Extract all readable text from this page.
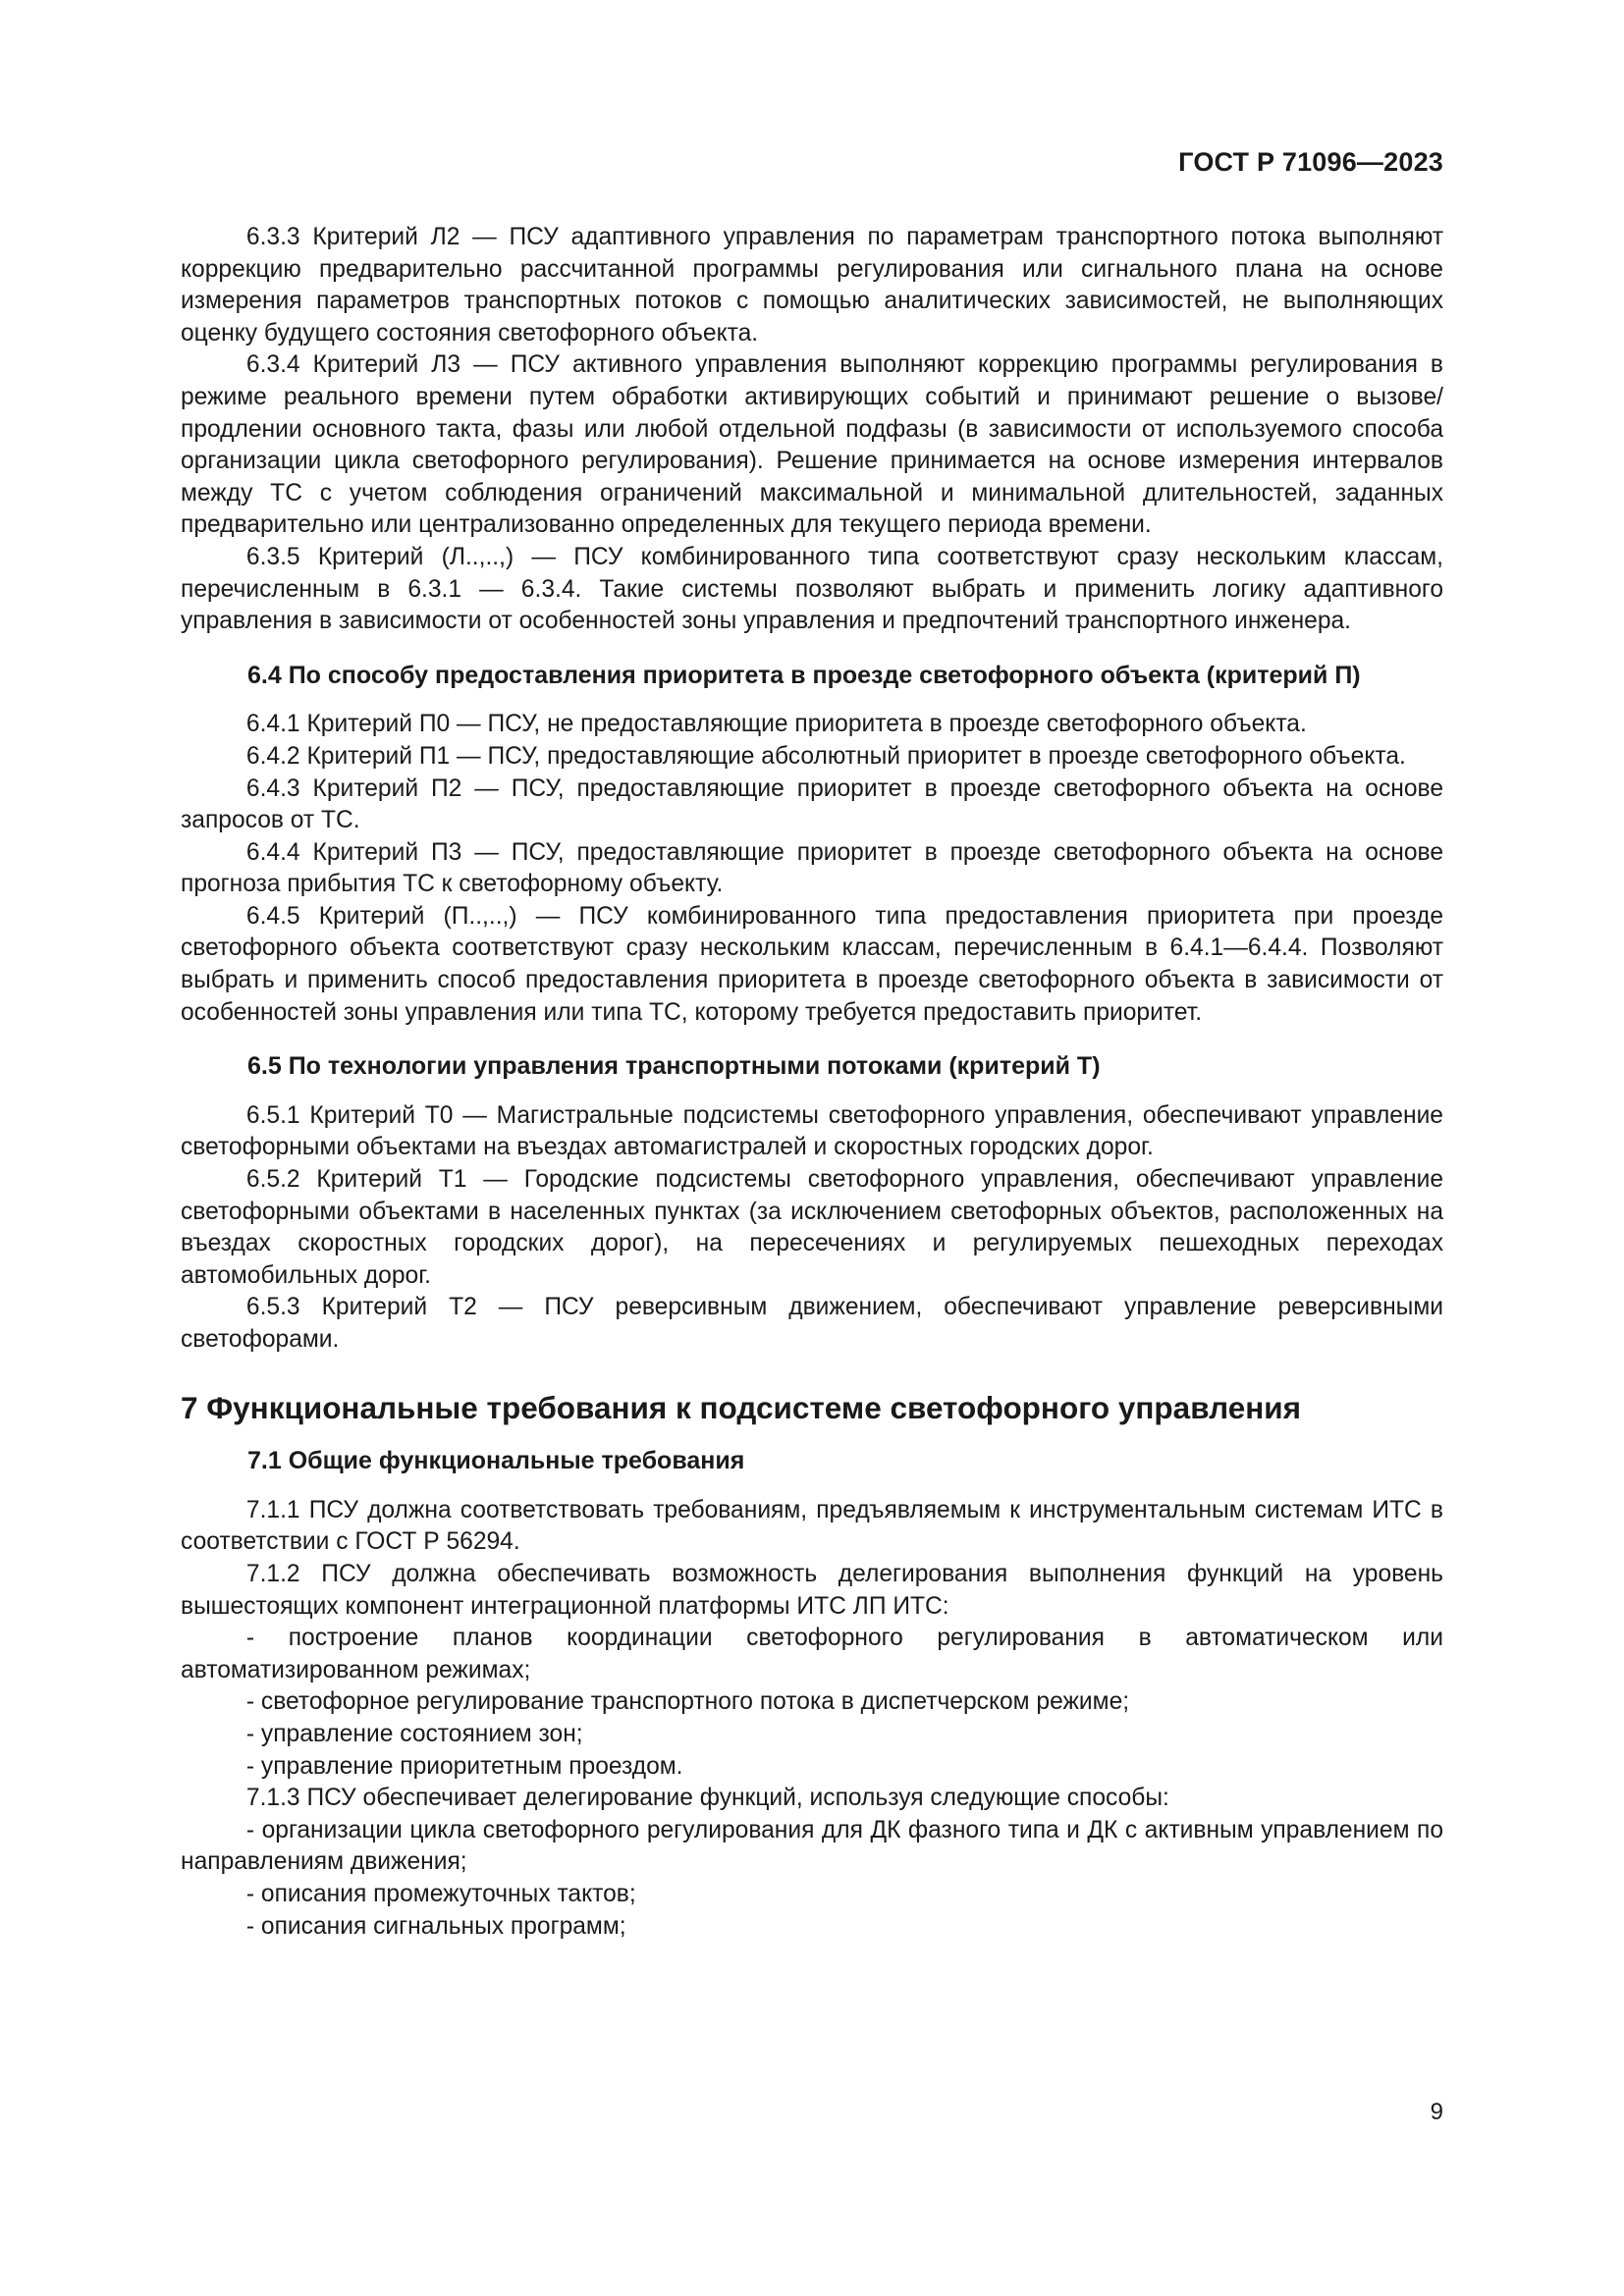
ГОСТ Р 71096—2023

6.3.3 Критерий Л2 — ПСУ адаптивного управления по параметрам транспортного потока выполняют коррекцию предварительно рассчитанной программы регулирования или сигнального плана на основе измерения параметров транспортных потоков с помощью аналитических зависимостей, не выполняющих оценку будущего состояния светофорного объекта.

6.3.4 Критерий Л3 — ПСУ активного управления выполняют коррекцию программы регулирования в режиме реального времени путем обработки активирующих событий и принимают решение о вызове/продлении основного такта, фазы или любой отдельной подфазы (в зависимости от используемого способа организации цикла светофорного регулирования). Решение принимается на основе измерения интервалов между ТС с учетом соблюдения ограничений максимальной и минимальной длительностей, заданных предварительно или централизованно определенных для текущего периода времени.

6.3.5 Критерий (Л..,..,) — ПСУ комбинированного типа соответствуют сразу нескольким классам, перечисленным в 6.3.1 — 6.3.4. Такие системы позволяют выбрать и применить логику адаптивного управления в зависимости от особенностей зоны управления и предпочтений транспортного инженера.

6.4 По способу предоставления приоритета в проезде светофорного объекта (критерий П)

6.4.1 Критерий П0 — ПСУ, не предоставляющие приоритета в проезде светофорного объекта.

6.4.2 Критерий П1 — ПСУ, предоставляющие абсолютный приоритет в проезде светофорного объекта.

6.4.3 Критерий П2 — ПСУ, предоставляющие приоритет в проезде светофорного объекта на основе запросов от ТС.

6.4.4 Критерий П3 — ПСУ, предоставляющие приоритет в проезде светофорного объекта на основе прогноза прибытия ТС к светофорному объекту.

6.4.5 Критерий (П..,..,) — ПСУ комбинированного типа предоставления приоритета при проезде светофорного объекта соответствуют сразу нескольким классам, перечисленным в 6.4.1—6.4.4. Позволяют выбрать и применить способ предоставления приоритета в проезде светофорного объекта в зависимости от особенностей зоны управления или типа ТС, которому требуется предоставить приоритет.

6.5 По технологии управления транспортными потоками (критерий Т)

6.5.1 Критерий Т0 — Магистральные подсистемы светофорного управления, обеспечивают управление светофорными объектами на въездах автомагистралей и скоростных городских дорог.

6.5.2 Критерий Т1 — Городские подсистемы светофорного управления, обеспечивают управление светофорными объектами в населенных пунктах (за исключением светофорных объектов, расположенных на въездах скоростных городских дорог), на пересечениях и регулируемых пешеходных переходах автомобильных дорог.

6.5.3 Критерий Т2 — ПСУ реверсивным движением, обеспечивают управление реверсивными светофорами.

7 Функциональные требования к подсистеме светофорного управления
7.1 Общие функциональные требования

7.1.1 ПСУ должна соответствовать требованиям, предъявляемым к инструментальным системам ИТС в соответствии с ГОСТ Р 56294.

7.1.2 ПСУ должна обеспечивать возможность делегирования выполнения функций на уровень вышестоящих компонент интеграционной платформы ИТС ЛП ИТС:

- построение планов координации светофорного регулирования в автоматическом или автоматизированном режимах;

- светофорное регулирование транспортного потока в диспетчерском режиме;

- управление состоянием зон;

- управление приоритетным проездом.

7.1.3 ПСУ обеспечивает делегирование функций, используя следующие способы:

- организации цикла светофорного регулирования для ДК фазного типа и ДК с активным управлением по направлениям движения;

- описания промежуточных тактов;

- описания сигнальных программ;

9
